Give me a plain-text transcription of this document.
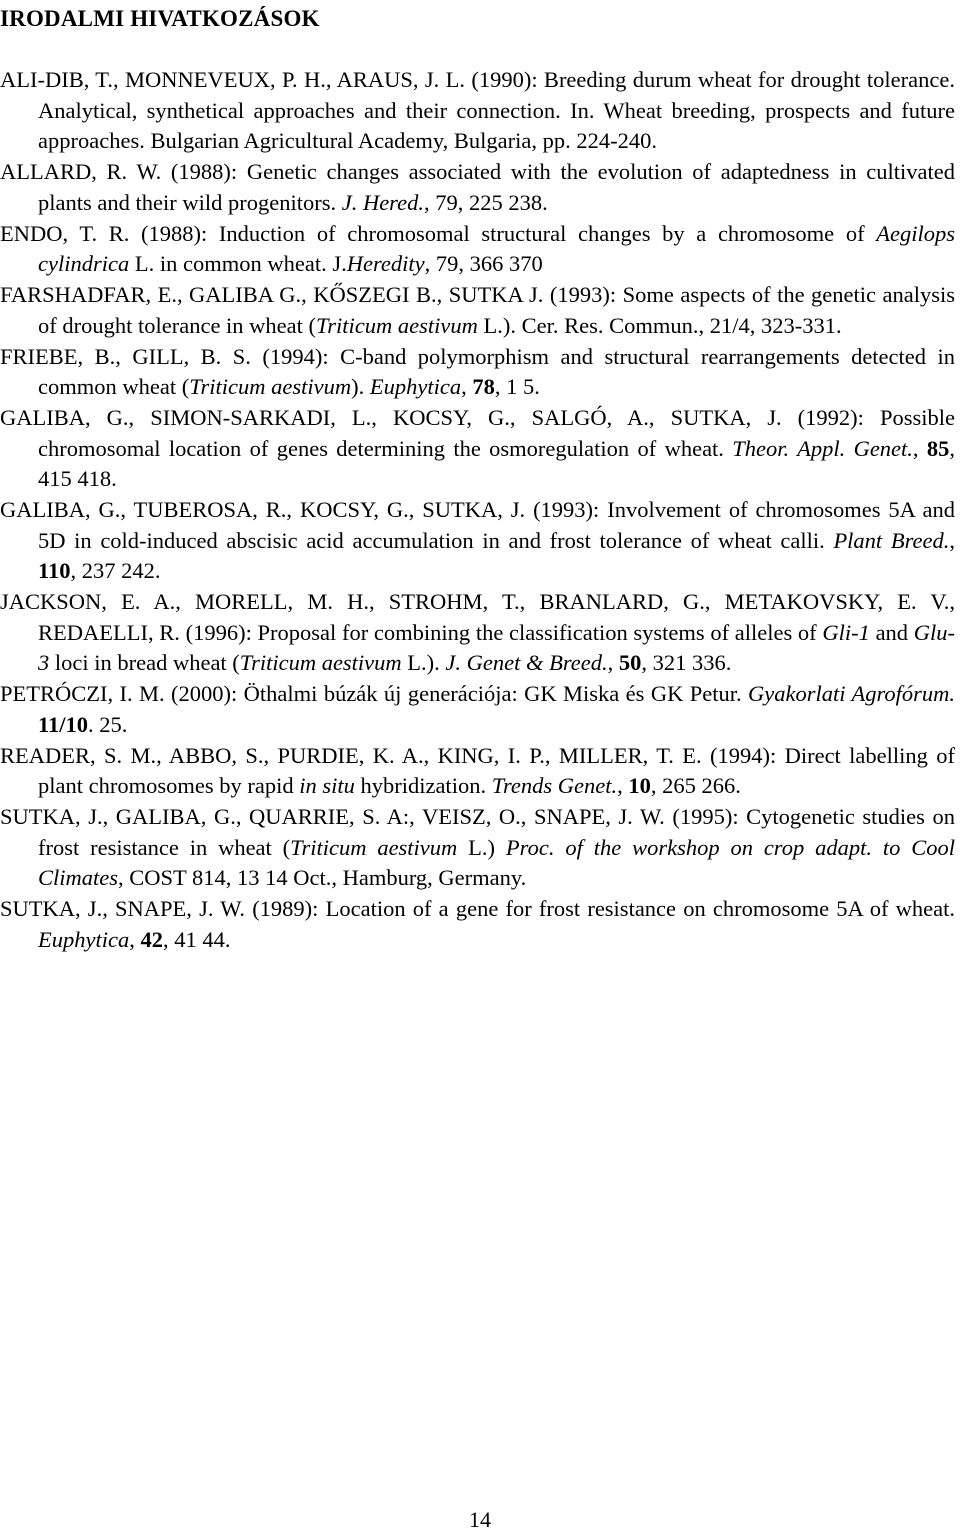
IRODALMI HIVATKOZÁSOK
ALI-DIB, T., MONNEVEUX, P. H., ARAUS, J. L. (1990): Breeding durum wheat for drought tolerance. Analytical, synthetical approaches and their connection. In. Wheat breeding, prospects and future approaches. Bulgarian Agricultural Academy, Bulgaria, pp. 224-240.
ALLARD, R. W. (1988): Genetic changes associated with the evolution of adaptedness in cultivated plants and their wild progenitors. J. Hered., 79, 225 238.
ENDO, T. R. (1988): Induction of chromosomal structural changes by a chromosome of Aegilops cylindrica L. in common wheat. J.Heredity, 79, 366 370
FARSHADFAR, E., GALIBA G., KŐSZEGI B., SUTKA J. (1993): Some aspects of the genetic analysis of drought tolerance in wheat (Triticum aestivum L.). Cer. Res. Commun., 21/4, 323-331.
FRIEBE, B., GILL, B. S. (1994): C-band polymorphism and structural rearrangements detected in common wheat (Triticum aestivum). Euphytica, 78, 1 5.
GALIBA, G., SIMON-SARKADI, L., KOCSY, G., SALGÓ, A., SUTKA, J. (1992): Possible chromosomal location of genes determining the osmoregulation of wheat. Theor. Appl. Genet., 85, 415 418.
GALIBA, G., TUBEROSA, R., KOCSY, G., SUTKA, J. (1993): Involvement of chromosomes 5A and 5D in cold-induced abscisic acid accumulation in and frost tolerance of wheat calli. Plant Breed., 110, 237 242.
JACKSON, E. A., MORELL, M. H., STROHM, T., BRANLARD, G., METAKOVSKY, E. V., REDAELLI, R. (1996): Proposal for combining the classification systems of alleles of Gli-1 and Glu-3 loci in bread wheat (Triticum aestivum L.). J. Genet & Breed., 50, 321 336.
PETRÓCZI, I. M. (2000): Öthalmi búzák új generációja: GK Miska és GK Petur. Gyakorlati Agrofórum. 11/10. 25.
READER, S. M., ABBO, S., PURDIE, K. A., KING, I. P., MILLER, T. E. (1994): Direct labelling of plant chromosomes by rapid in situ hybridization. Trends Genet., 10, 265 266.
SUTKA, J., GALIBA, G., QUARRIE, S. A:, VEISZ, O., SNAPE, J. W. (1995): Cytogenetic studies on frost resistance in wheat (Triticum aestivum L.) Proc. of the workshop on crop adapt. to Cool Climates, COST 814, 13 14 Oct., Hamburg, Germany.
SUTKA, J., SNAPE, J. W. (1989): Location of a gene for frost resistance on chromosome 5A of wheat. Euphytica, 42, 41 44.
14
